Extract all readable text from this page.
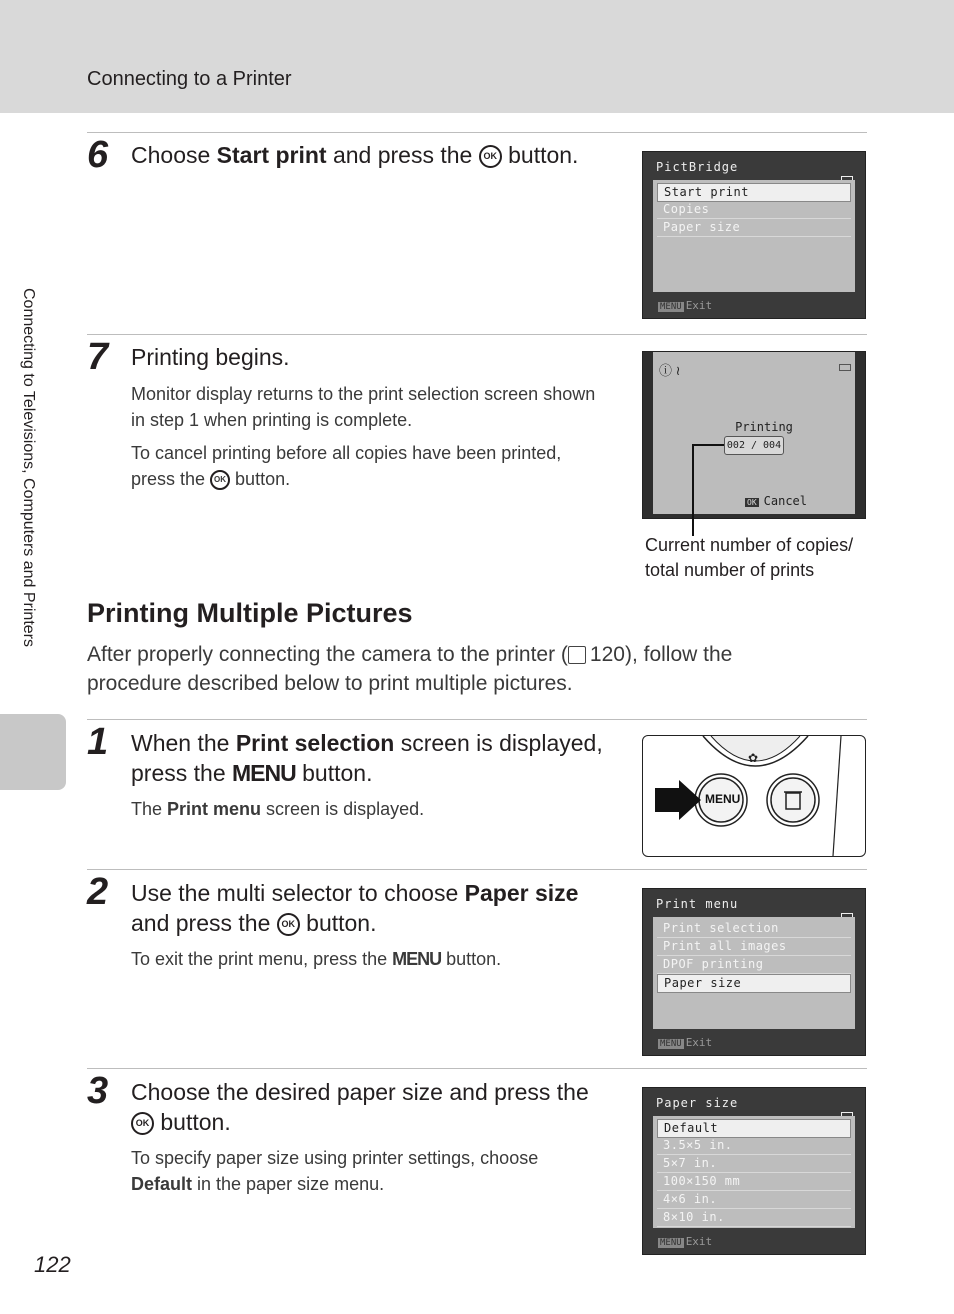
Connecting to a Printer
Connecting to Televisions, Computers and Printers
6 Choose Start print and press the OK button.	PictBridge
Start print
Copies
Paper size
MENU Exit
7 Printing begins.
Monitor display returns to the print selection screen shown in step 1 when printing is complete.
To cancel printing before all copies have been printed, press the OK button.
ⓘ ≀
Printing
002 / 004
OK Cancel
Current number of copies/ total number of prints
Printing Multiple Pictures
After properly connecting the camera to the printer ( 120), follow the procedure described below to print multiple pictures.
1 When the Print selection screen is displayed, press the MENU button.
The Print menu screen is displayed.
✿
MENU
2 Use the multi selector to choose Paper size and press the OK button.
To exit the print menu, press the MENU button.
Print menu
Print selection
Print all images
DPOF printing
Paper size
MENU Exit
3 Choose the desired paper size and press the OK button.
To specify paper size using printer settings, choose Default in the paper size menu.
Paper size
Default
3.5×5 in.
5×7 in.
100×150 mm
4×6 in.
8×10 in.
MENU Exit
122
